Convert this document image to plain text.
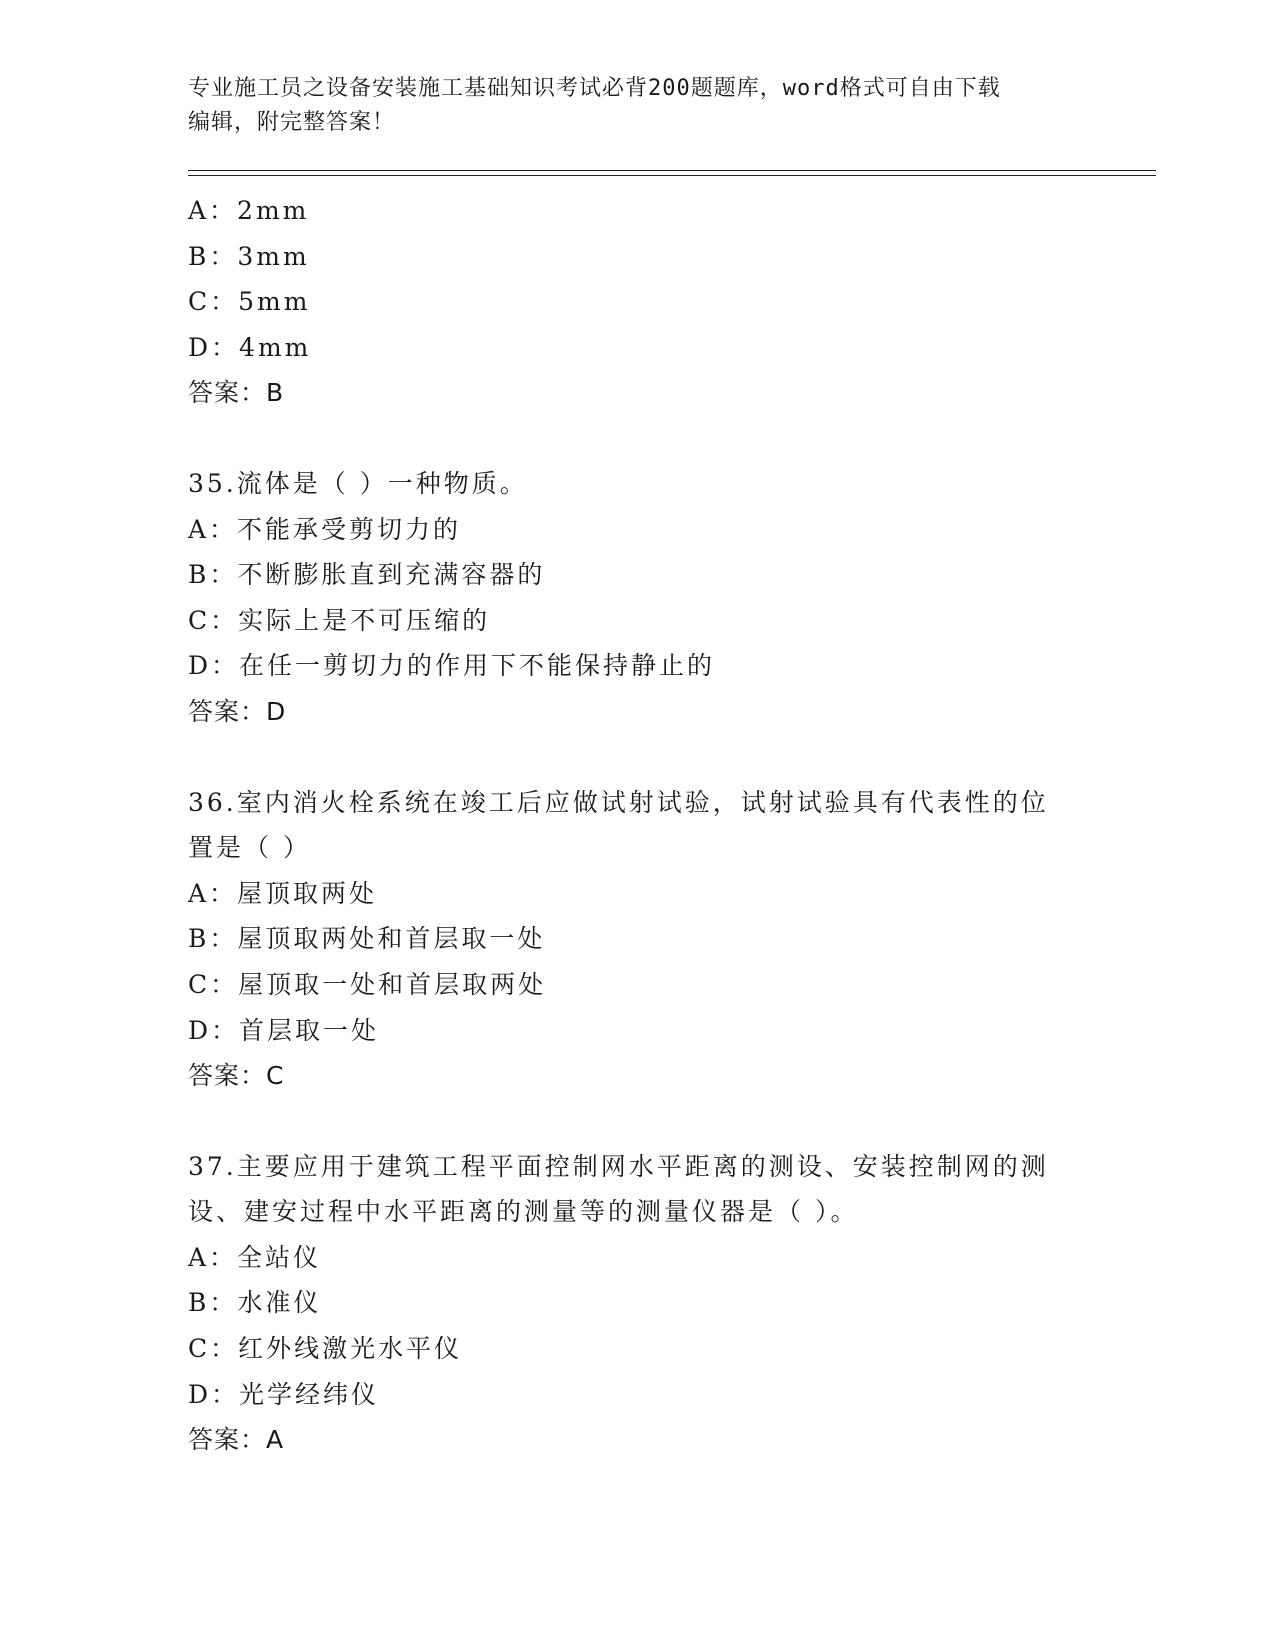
专业施工员之设备安装施工基础知识考试必背200题题库，word格式可自由下载
编辑，附完整答案！
A：2mm
B：3mm
C：5mm
D：4mm
答案：B
35.流体是（ ）一种物质。
A：不能承受剪切力的
B：不断膨胀直到充满容器的
C：实际上是不可压缩的
D：在任一剪切力的作用下不能保持静止的
答案：D
36.室内消火栓系统在竣工后应做试射试验，试射试验具有代表性的位
置是（ ）
A：屋顶取两处
B：屋顶取两处和首层取一处
C：屋顶取一处和首层取两处
D：首层取一处
答案：C
37.主要应用于建筑工程平面控制网水平距离的测设、安装控制网的测
设、建安过程中水平距离的测量等的测量仪器是（ ）。
A：全站仪
B：水准仪
C：红外线激光水平仪
D：光学经纬仪
答案：A
